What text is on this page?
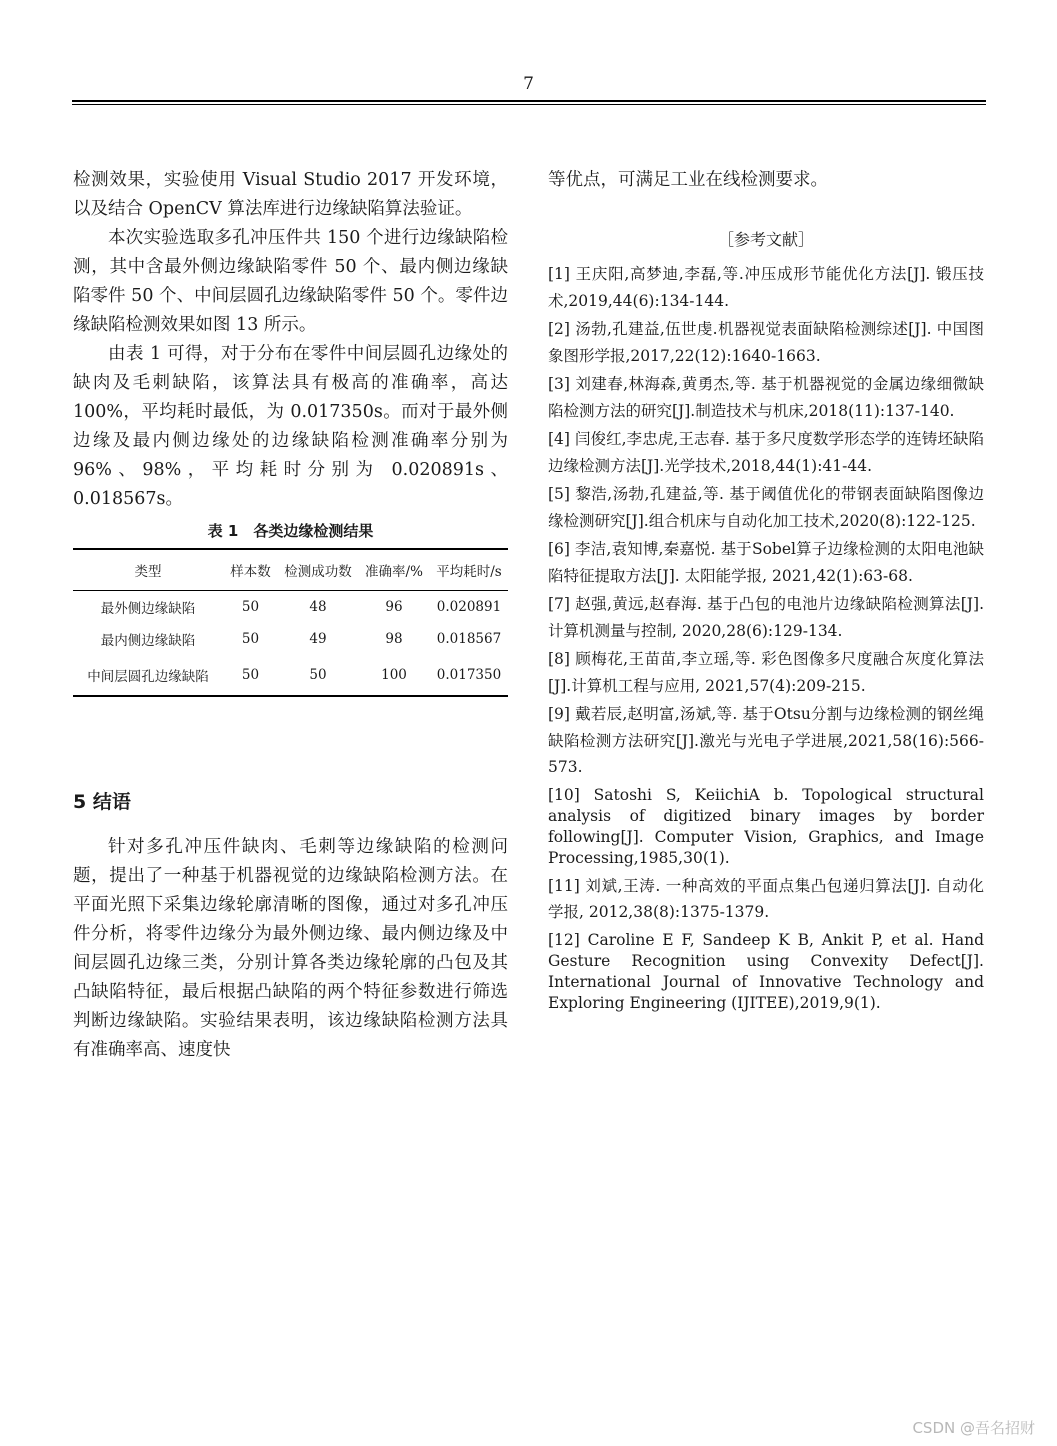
7

检测效果，实验使用 Visual Studio 2017 开发环境，以及结合 OpenCV 算法库进行边缘缺陷算法验证。

本次实验选取多孔冲压件共 150 个进行边缘缺陷检测，其中含最外侧边缘缺陷零件 50 个、最内侧边缘缺陷零件 50 个、中间层圆孔边缘缺陷零件 50 个。零件边缘缺陷检测效果如图 13 所示。

由表 1 可得，对于分布在零件中间层圆孔边缘处的缺肉及毛刺缺陷，该算法具有极高的准确率，高达 100%，平均耗时最低，为 0.017350s。而对于最外侧边缘及最内侧边缘处的边缘缺陷检测准确率分别为 96%、98%，平均耗时分别为 0.020891s、0.018567s。

表 1　各类边缘检测结果
类型	样本数	检测成功数	准确率/%	平均耗时/s
最外侧边缘缺陷	50	48	96	0.020891
最内侧边缘缺陷	50	49	98	0.018567
中间层圆孔边缘缺陷	50	50	100	0.017350
5 结语

针对多孔冲压件缺肉、毛刺等边缘缺陷的检测问题，提出了一种基于机器视觉的边缘缺陷检测方法。在平面光照下采集边缘轮廓清晰的图像，通过对多孔冲压件分析，将零件边缘分为最外侧边缘、最内侧边缘及中间层圆孔边缘三类，分别计算各类边缘轮廓的凸包及其凸缺陷特征，最后根据凸缺陷的两个特征参数进行筛选判断边缘缺陷。实验结果表明，该边缘缺陷检测方法具有准确率高、速度快

等优点，可满足工业在线检测要求。

［参考文献］

[1] 王庆阳,高梦迪,李磊,等.冲压成形节能优化方法[J]. 锻压技术,2019,44(6):134-144.

[2] 汤勃,孔建益,伍世虔.机器视觉表面缺陷检测综述[J]. 中国图象图形学报,2017,22(12):1640-1663.

[3] 刘建春,林海森,黄勇杰,等. 基于机器视觉的金属边缘细微缺陷检测方法的研究[J].制造技术与机床,2018(11):137-140.

[4] 闫俊红,李忠虎,王志春. 基于多尺度数学形态学的连铸坯缺陷边缘检测方法[J].光学技术,2018,44(1):41-44.

[5] 黎浩,汤勃,孔建益,等. 基于阈值优化的带钢表面缺陷图像边缘检测研究[J].组合机床与自动化加工技术,2020(8):122-125.

[6] 李洁,袁知博,秦嘉悦. 基于Sobel算子边缘检测的太阳电池缺陷特征提取方法[J]. 太阳能学报, 2021,42(1):63-68.

[7] 赵强,黄远,赵春海. 基于凸包的电池片边缘缺陷检测算法[J].计算机测量与控制, 2020,28(6):129-134.

[8] 顾梅花,王苗苗,李立瑶,等. 彩色图像多尺度融合灰度化算法[J].计算机工程与应用, 2021,57(4):209-215.

[9] 戴若辰,赵明富,汤斌,等. 基于Otsu分割与边缘检测的钢丝绳缺陷检测方法研究[J].激光与光电子学进展,2021,58(16):566-573.

[10] Satoshi S, KeiichiA b. Topological structural analysis of digitized binary images by border following[J]. Computer Vision, Graphics, and Image Processing,1985,30(1).

[11] 刘斌,王涛. 一种高效的平面点集凸包递归算法[J]. 自动化学报, 2012,38(8):1375-1379.

[12] Caroline E F, Sandeep K B, Ankit P, et al. Hand Gesture Recognition using Convexity Defect[J]. International Journal of Innovative Technology and Exploring Engineering (IJITEE),2019,9(1).

CSDN @吾名招财
